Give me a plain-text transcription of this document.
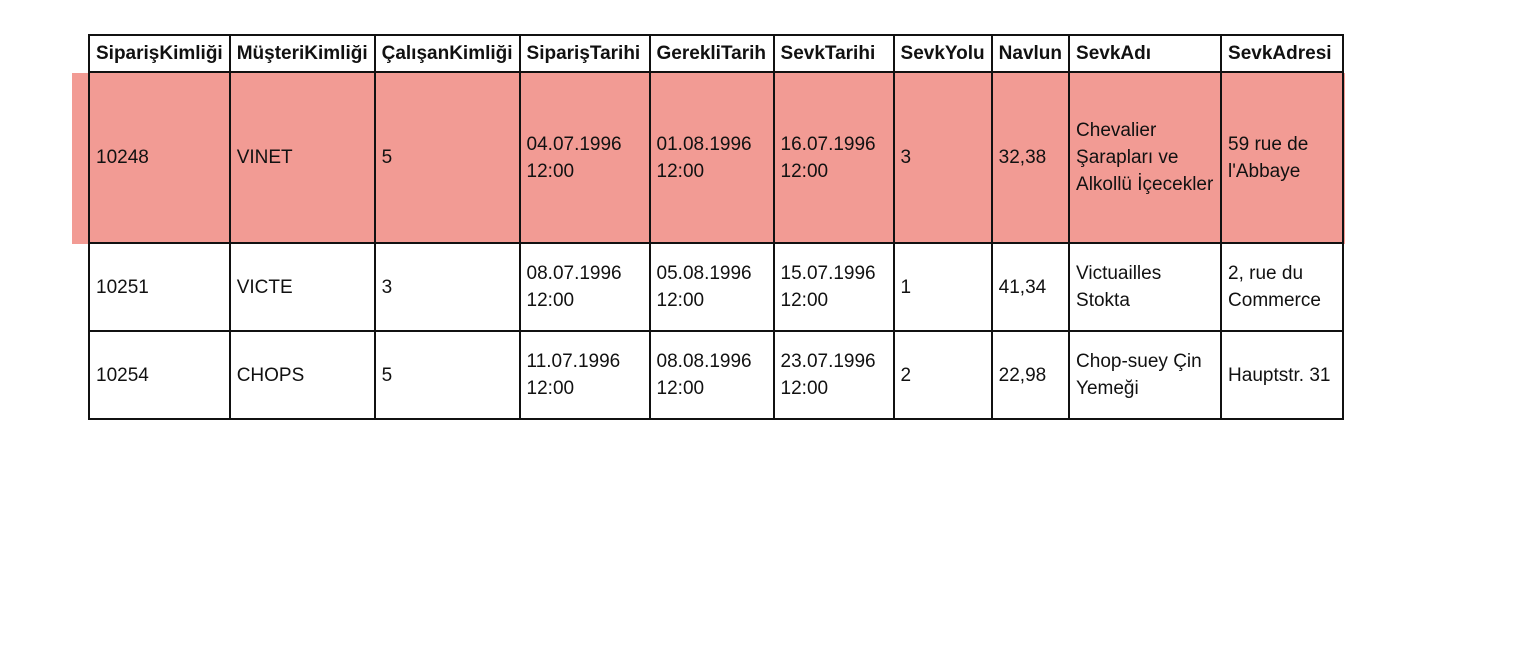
SiparişKimliği	MüşteriKimliği	ÇalışanKimliği	SiparişTarihi	GerekliTarih	SevkTarihi	SevkYolu	Navlun	SevkAdı	SevkAdresi
10248	VINET	5	04.07.1996 12:00	01.08.1996 12:00	16.07.1996 12:00	3	32,38	Chevalier Şarapları ve Alkollü İçecekler	59 rue de l'Abbaye
10251	VICTE	3	08.07.1996 12:00	05.08.1996 12:00	15.07.1996 12:00	1	41,34	Victuailles Stokta	2, rue du Commerce
10254	CHOPS	5	11.07.1996 12:00	08.08.1996 12:00	23.07.1996 12:00	2	22,98	Chop-suey Çin Yemeği	Hauptstr. 31
